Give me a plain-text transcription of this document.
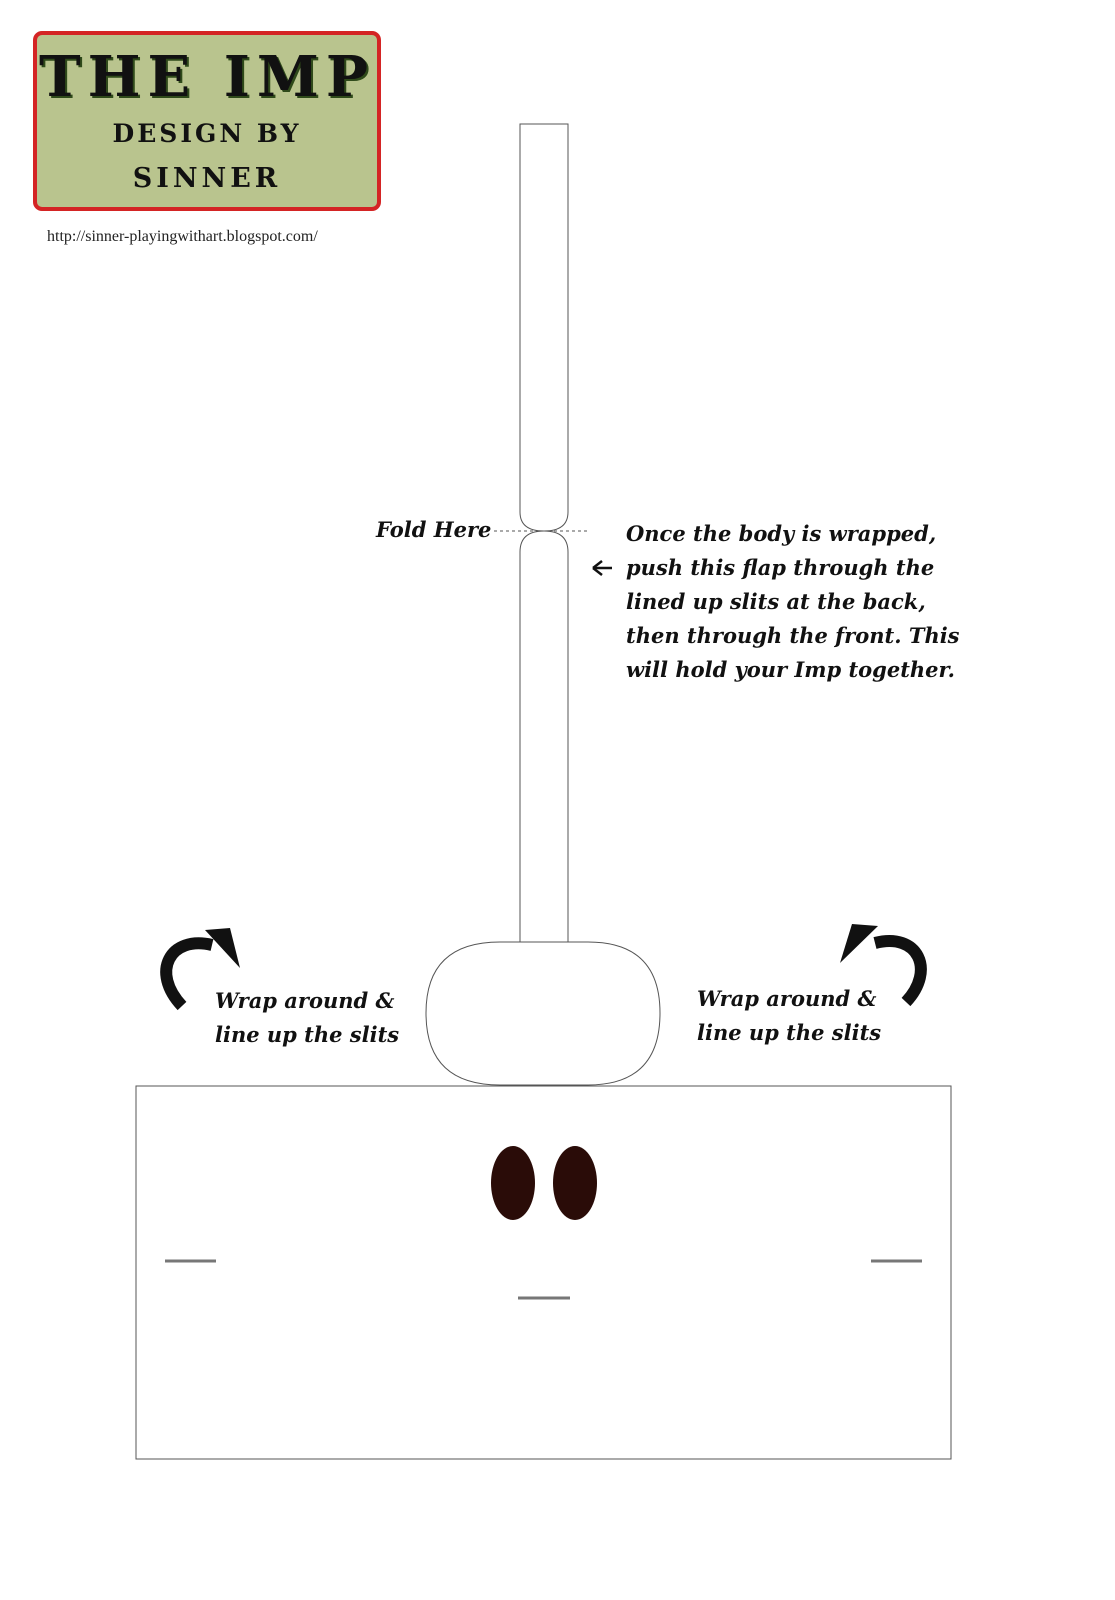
THE IMP
DESIGN BY
SINNER
http://sinner-playingwithart.blogspot.com/
Fold Here	Once the body is wrapped, push this flap through the lined up slits at the back, then through the front. This will hold your Imp together.
Wrap around & line up the slits
Wrap around & line up the slits
